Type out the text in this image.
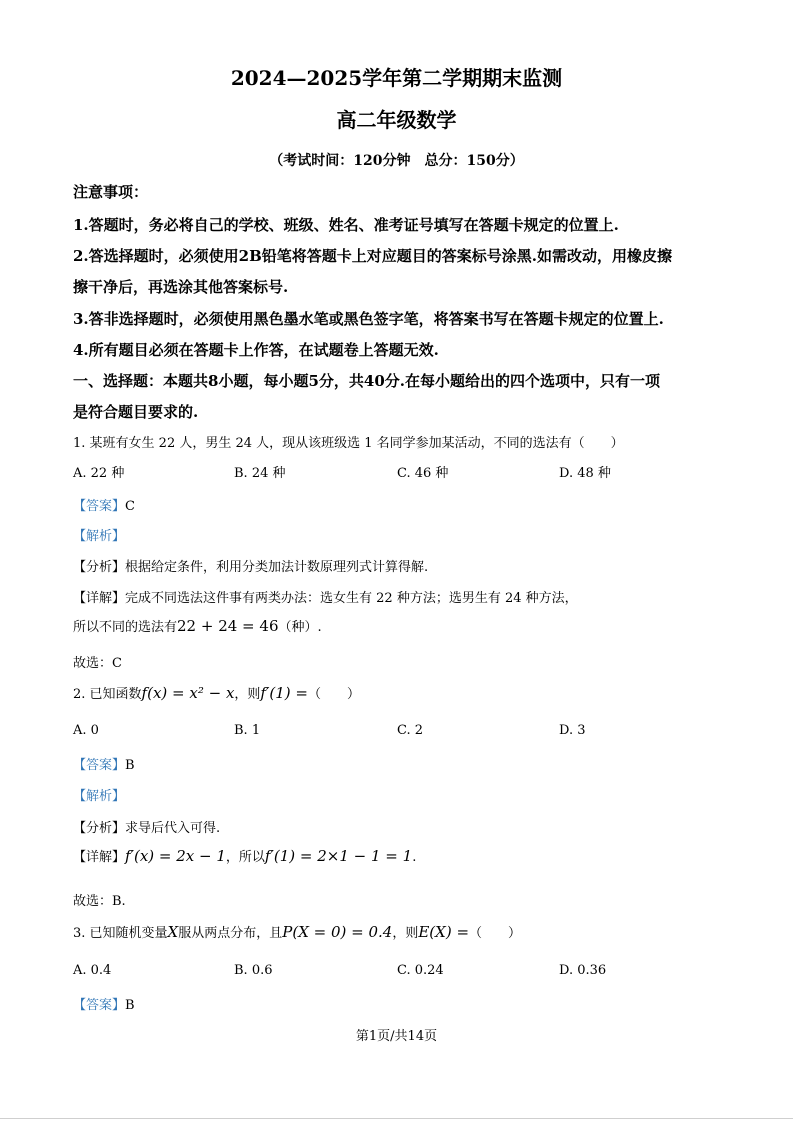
2024—2025学年第二学期期末监测
高二年级数学
（考试时间：120分钟　总分：150分）
注意事项：
1.答题时，务必将自己的学校、班级、姓名、准考证号填写在答题卡规定的位置上.
2.答选择题时，必须使用2B铅笔将答题卡上对应题目的答案标号涂黑.如需改动，用橡皮擦
擦干净后，再选涂其他答案标号.
3.答非选择题时，必须使用黑色墨水笔或黑色签字笔，将答案书写在答题卡规定的位置上.
4.所有题目必须在答题卡上作答，在试题卷上答题无效.
一、选择题：本题共8小题，每小题5分，共40分.在每小题给出的四个选项中，只有一项
是符合题目要求的.
1. 某班有女生 22 人，男生 24 人，现从该班级选 1 名同学参加某活动，不同的选法有（　　）
A. 22 种	B. 24 种	C. 46 种	D. 48 种
【答案】C
【解析】
【分析】根据给定条件，利用分类加法计数原理列式计算得解.
【详解】完成不同选法这件事有两类办法：选女生有 22 种方法；选男生有 24 种方法，
所以不同的选法有22 + 24 = 46（种）.
故选：C
2. 已知函数f(x) = x² − x，则f′(1) =（　　）
A. 0	B. 1	C. 2	D. 3
【答案】B
【解析】
【分析】求导后代入可得.
【详解】f′(x) = 2x − 1，所以f′(1) = 2×1 − 1 = 1.
故选：B.
3. 已知随机变量X服从两点分布，且P(X = 0) = 0.4，则E(X) =（　　）
A. 0.4	B. 0.6	C. 0.24	D. 0.36
【答案】B
第1页/共14页
